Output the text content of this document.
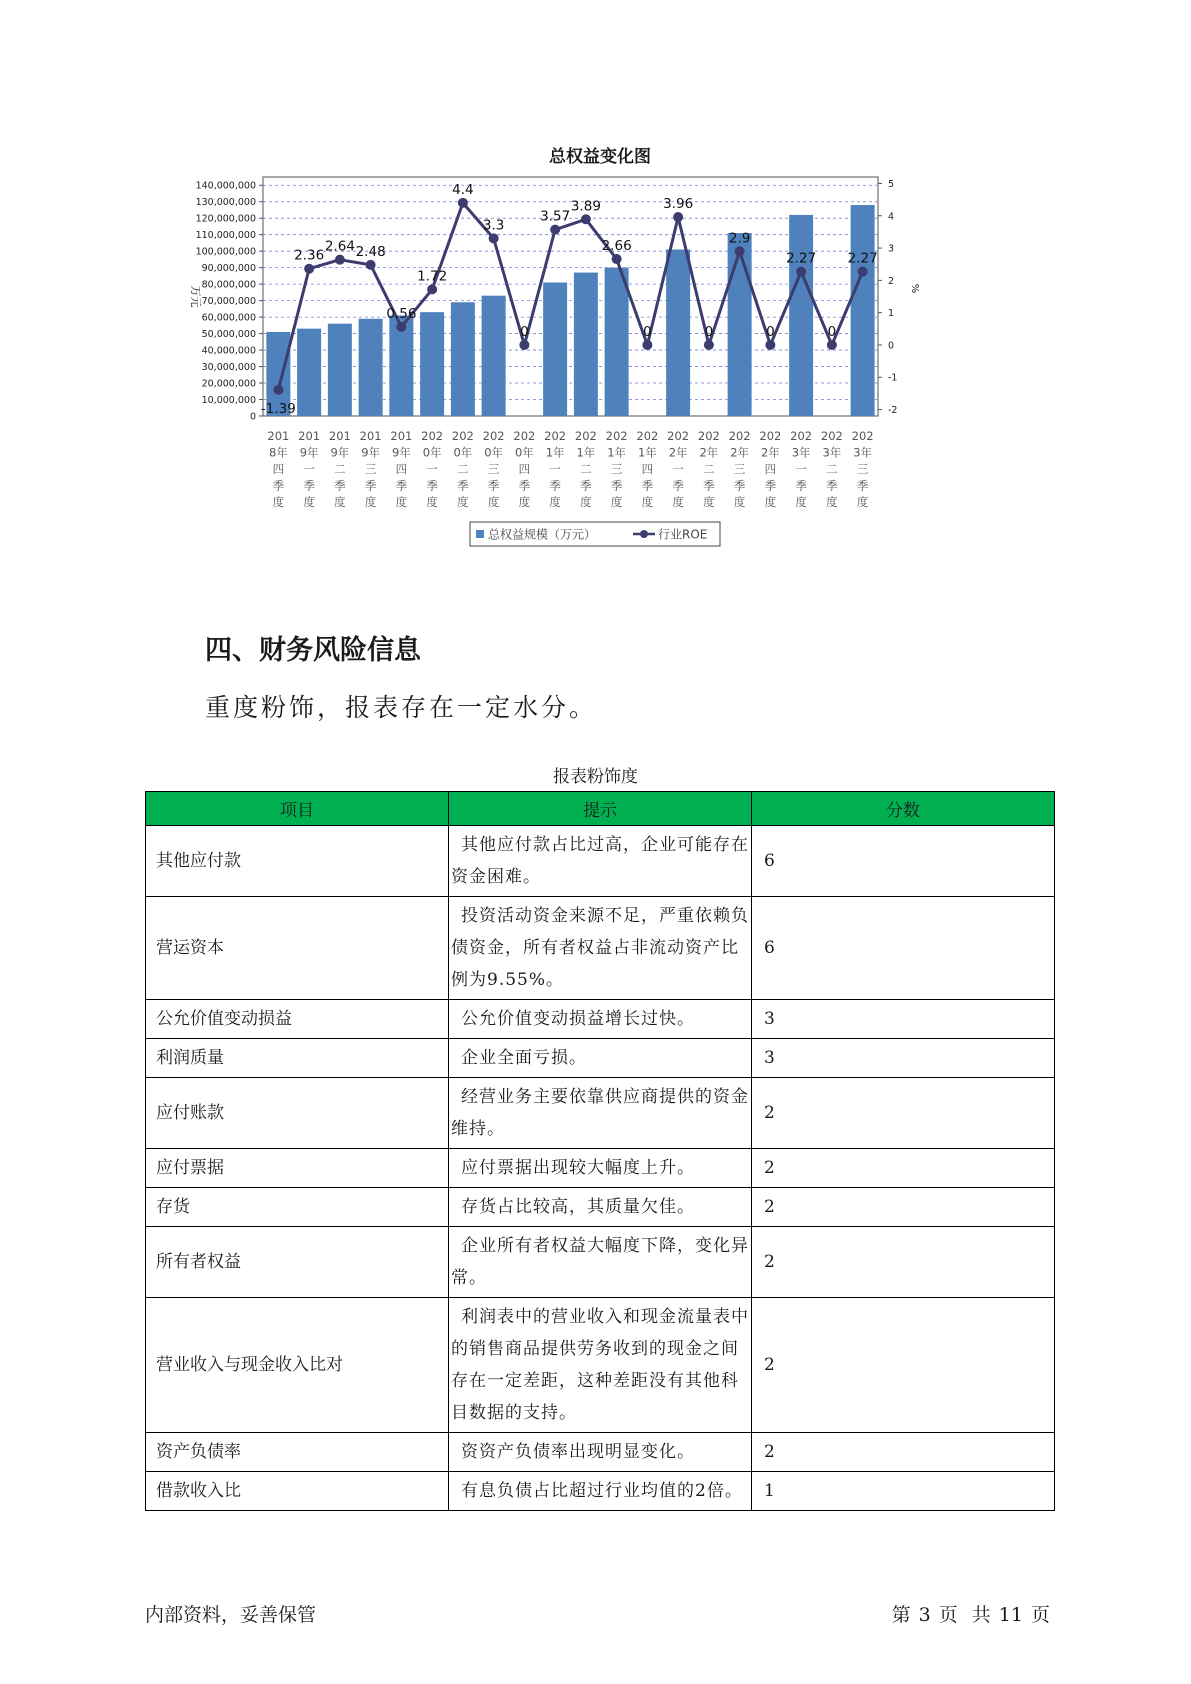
总权益变化图
0
10,000,000
20,000,000
30,000,000
40,000,000
50,000,000
60,000,000
70,000,000
80,000,000
90,000,000
100,000,000
110,000,000
120,000,000
130,000,000
140,000,000
-2
-1
0
1
2
3
4
5
万元	%
-1.39
2.36
2.64 2.48
0.56
1.72
4.4
3.3
0
3.57
3.89
2.66
0
3.96
0
2.9
0
2.27
0
2.27
201
8年
四
季
度
201
9年
一
季
度
201
9年
二
季
度
201
9年
三
季
度
201
9年
四
季
度
202
0年
一
季
度
202
0年
二
季
度
202
0年
三
季
度
202
0年
四
季
度
202
1年
一
季
度
202
1年
二
季
度
202
1年
三
季
度
202
1年
四
季
度
202
2年
一
季
度
202
2年
二
季
度
202
2年
三
季
度
202
2年
四
季
度
202
3年
一
季
度
202
3年
二
季
度
202
3年
三
季
度
总权益规模（万元）	行业ROE
四、财务风险信息
重度粉饰，报表存在一定水分。
报表粉饰度
项目	提示	分数
其他应付款	其他应付款占比过高，企业可能存在资金困难。	6
营运资本	投资活动资金来源不足，严重依赖负债资金，所有者权益占非流动资产比例为9.55%。	6
公允价值变动损益	公允价值变动损益增长过快。	3
利润质量	企业全面亏损。	3
应付账款	经营业务主要依靠供应商提供的资金维持。	2
应付票据	应付票据出现较大幅度上升。	2
存货	存货占比较高，其质量欠佳。	2
所有者权益	企业所有者权益大幅度下降，变化异常。	2
营业收入与现金收入比对	利润表中的营业收入和现金流量表中的销售商品提供劳务收到的现金之间存在一定差距，这种差距没有其他科目数据的支持。	2
资产负债率	资资产负债率出现明显变化。	2
借款收入比	有息负债占比超过行业均值的2倍。	1
内部资料，妥善保管	第 3 页 共 11 页
